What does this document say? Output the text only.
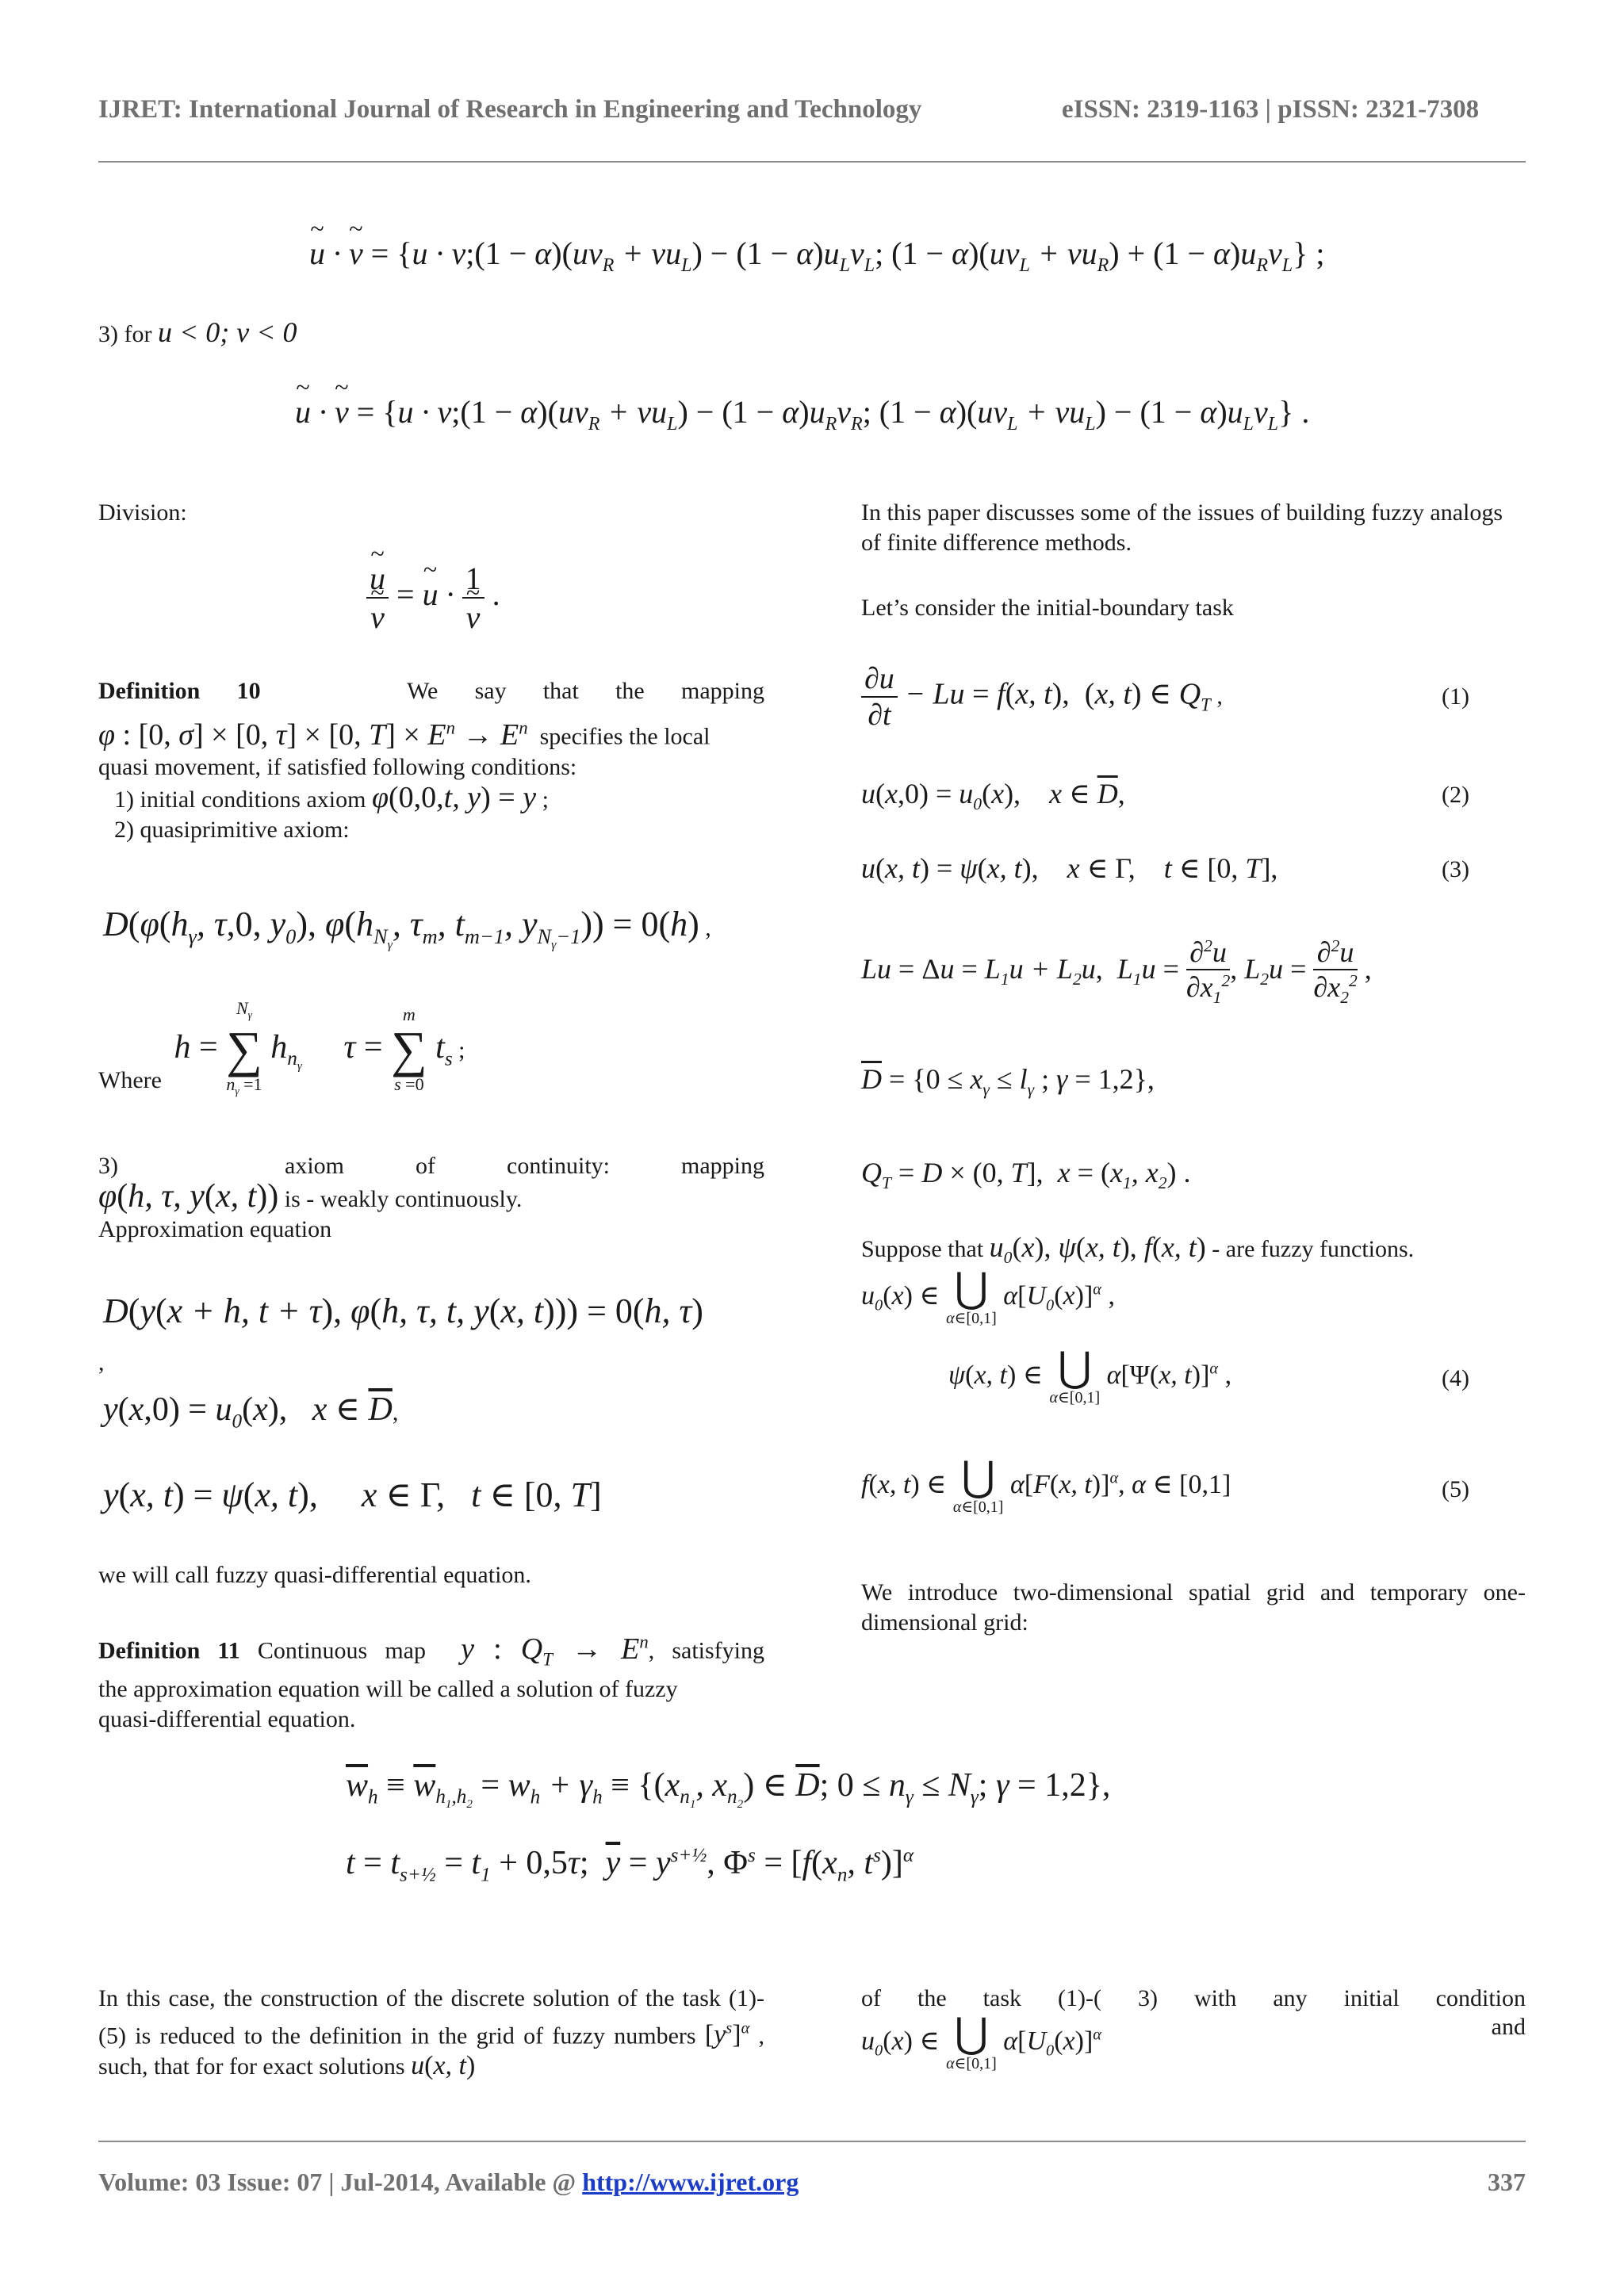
IJRET: International Journal of Research in Engineering and Technology	eISSN: 2319-1163 | pISSN: 2321-7308
~ u · ~ v = {u · v;(1 − $\alpha)(uv_R + vu_L) - (1 - \alpha)u_Lv_L$; $(1 - \alpha)(uv_L + vu_R) + (1 - \alpha)u_Rv_L$} ;
3) for u < 0; v < 0
~ u · ~ v = {u · v;(1 − $\alpha)(uv_R + vu_L) - (1 - \alpha)u_Rv_R$; $(1 - \alpha)(uv_L + vu_L) - (1 - \alpha)u_Lv_L$} .
Division:
~ u
~ v = ~ u · 1
~ v .
Definition 10	We say that the mapping
φ : [0, σ] × [0, τ] × [0, $T] \times E^n \to E^n$ specifies the local
quasi movement, if satisfied following conditions:
1) initial conditions axiom φ(0,0,t, y) = y ;
2) quasiprimitive axiom:
$D(\varphi(h_\gamma$, τ,0, $y_0$), $\varphi(h_{N_\gamma}$, $\tau_m$, $t_{m-1}$, $y_{N_\gamma-1})) = 0(h)$ ,
Where h =
$N_\gamma$
∑
$n_\gamma =1$
$h_{n_\gamma}$     τ =
m
∑
s =0
$t_s$ ;
3)	axiom	of	continuity:	mapping
φ(h, τ, y(x, t)) is - weakly continuously.
Approximation equation
D(y(x + h, t + τ), φ(h, τ, t, y(x, t))) = 0(h, τ)
,
$y(x,0) = u_0(x)$,   x ∈ $\overline{D}$,
y(x, t) = ψ(x, t),     x ∈ Γ,   t ∈ [0, T]
we will call fuzzy quasi-differential equation.
Definition 11 Continuous map y : $Q_T \to E^n$, satisfying
the approximation equation will be called a solution of fuzzy
quasi-differential equation.
In this paper discusses some of the issues of building fuzzy analogs of finite difference methods.
Let’s consider the initial-boundary task
$\frac{\partial u}{\partial t} - Lu = f(x$, t),  (x, t) ∈ $Q_T$ ,	(1)
$u(x,0) = u_0(x)$,    x ∈ $\overline{D}$,	(2)
u(x, t) = ψ(x, t),    x ∈ Γ,    t ∈ [0, T],	(3)
$Lu = \Delta u = L_1u + L_2u$,  $L_1u = \frac{\partial^2u}{\partial x_1^2}$ , $L_2u = \frac{\partial^2u}{\partial x_2^2}$ ,
$\overline{D} = \{0 \le x_\gamma \le l_\gamma$ ; γ = 1,2},
$Q_T = D \times (0$, T],  $x = (x_1$, $x_2$) .
Suppose that $u_0(x)$, ψ(x, t), f(x, t) - are fuzzy functions.
$u_0(x)$ ∈ ⋃
α∈[0,1]
$\alpha[U_0(x)]^\alpha$ ,
ψ(x, t) ∈ ⋃
α∈[0,1]
α[Ψ(x, t)]$^\alpha$ ,	(4)
f(x, t) ∈ ⋃
α∈[0,1]
α[F(x, t)]$^\alpha$, α ∈ [0,1]	(5)
We introduce two-dimensional spatial grid and temporary one-dimensional grid:
$\overline{w}_h \equiv \overline{w}_{h_1,h_2} = w_h + \gamma_h \equiv \{(x_{n_1}$, $x_{n_2}$) ∈ $\overline{D}$; $0 \le n_\gamma \le N_\gamma$; γ = 1,2},
$t = t_{s+\frac{1}{2}} = t_1 + 0,5\tau$;  $\overline{y} = y^{s+\frac{1}{2}}$, $\Phi^s = [f(x_n$, $t^s)]^\alpha$
In this case, the construction of the discrete solution of the task (1)-(5) is reduced to the definition in the grid of fuzzy numbers $[y^s]^\alpha$ , such, that for for exact solutions u(x, t)
of the task (1)-( 3) with any initial condition
$u_0(x)$ ∈ ⋃
α∈[0,1]
$\alpha[U_0(x)]^\alpha$	and
Volume: 03 Issue: 07 | Jul-2014, Available @ http://www.ijret.org	337
